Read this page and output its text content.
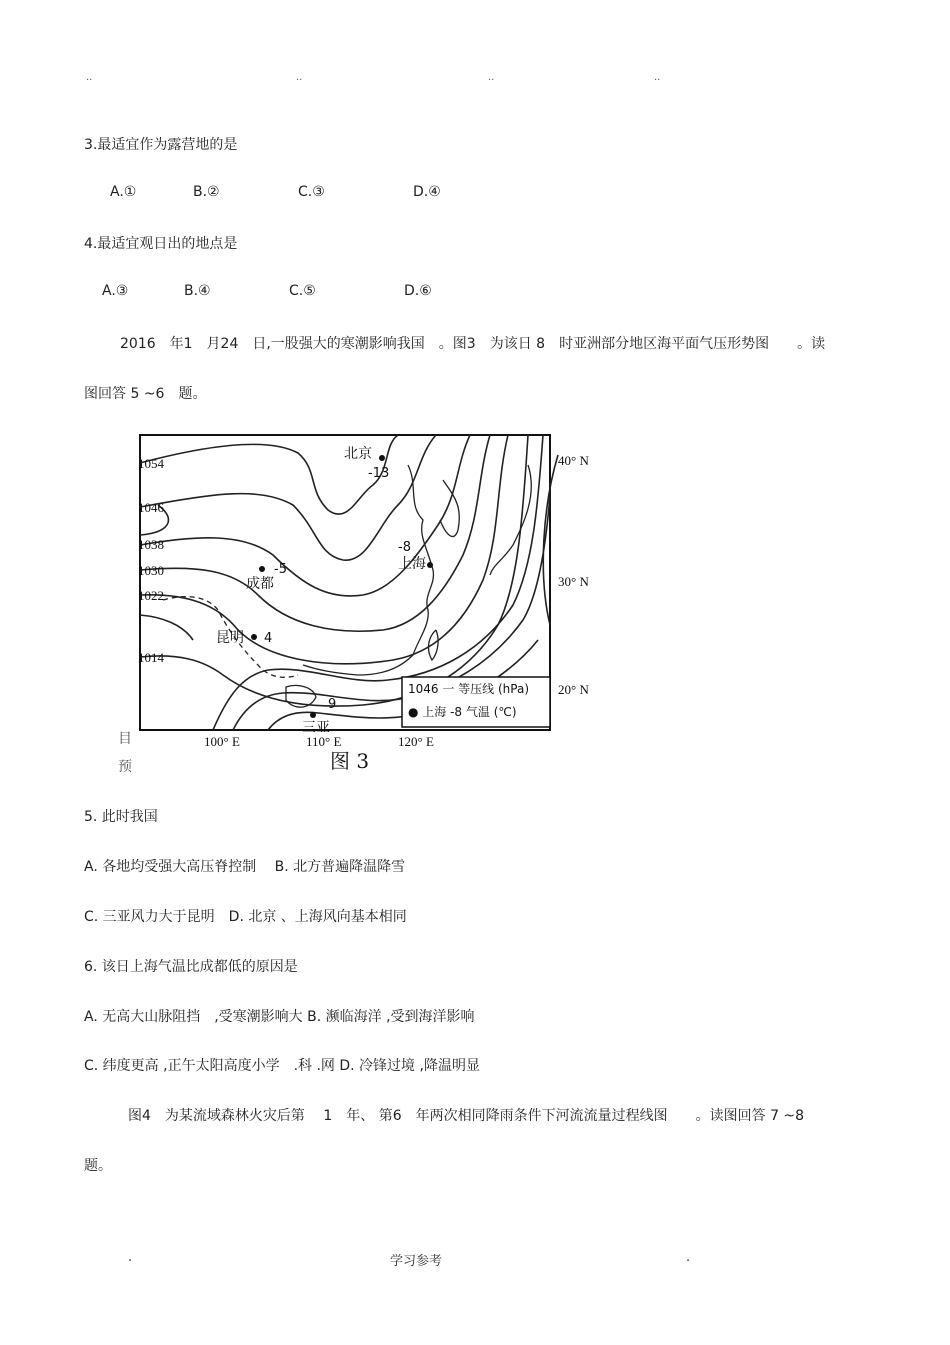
..	..	..	..
3.最适宜作为露营地的是
A.①	B.②	C.③	D.④
4.最适宜观日出的地点是
A.③	B.④	C.⑤	D.⑥
2016　年1　月24　日,一股强大的寒潮影响我国　。图3　为该日 8　时亚洲部分地区海平面气压形势图　　。读
图回答 5 ~6　题。
1054
1046
1038
1030
1022
1014
北京
-13
上海
-8
成都
-5
昆明 4
三亚
9
1046 一 等压线 (hPa)
● 上海 -8 气温 (℃)
40° N
30° N
20° N
100° E	110° E	120° E
图 3
目
预
5. 此时我国
A. 各地均受强大高压脊控制　 B. 北方普遍降温降雪
C. 三亚风力大于昆明　D. 北京 、上海风向基本相同
6. 该日上海气温比成都低的原因是
A. 无高大山脉阻挡　,受寒潮影响大 B. 濒临海洋 ,受到海洋影响
C. 纬度更高 ,正午太阳高度小学　.科 .网 D. 冷锋过境 ,降温明显
图4　为某流域森林火灾后第　 1　年、 第6　年两次相同降雨条件下河流流量过程线图　　。读图回答 7 ~8
题。
.	学习参考	.
